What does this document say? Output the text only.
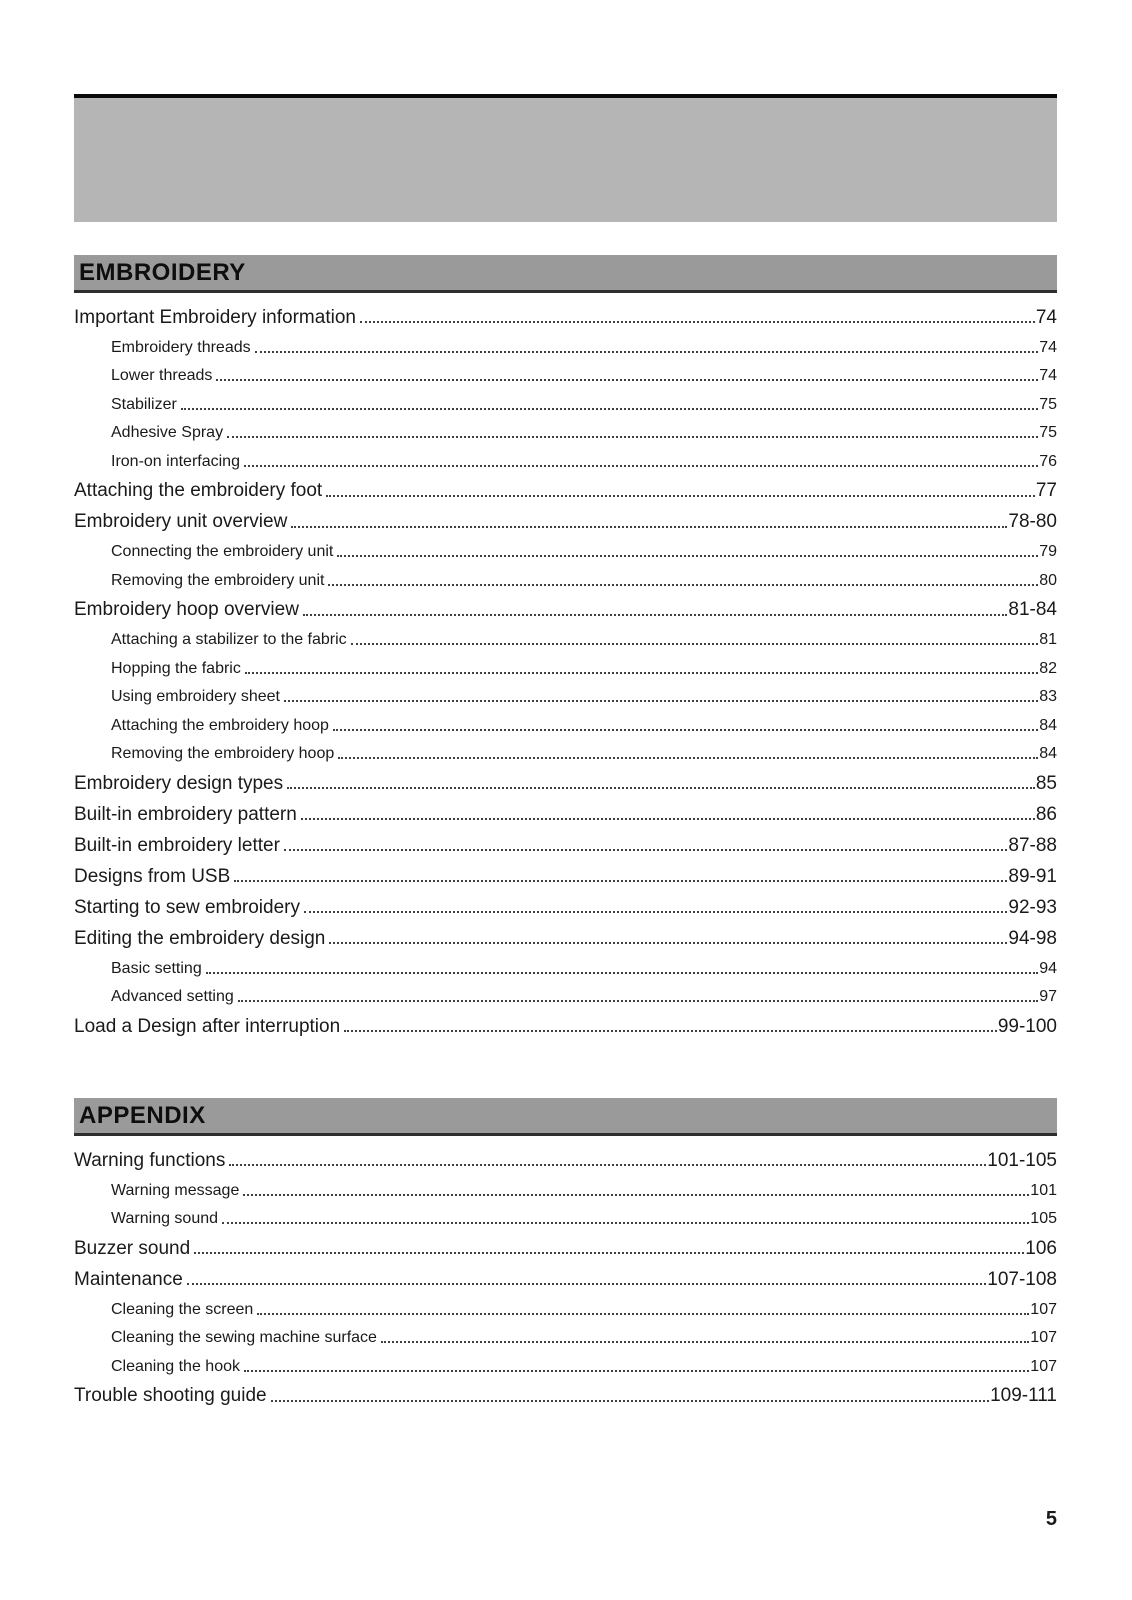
EMBROIDERY
Important Embroidery information	74
Embroidery threads	74
Lower threads	74
Stabilizer	75
Adhesive Spray	75
Iron-on interfacing	76
Attaching the embroidery foot	77
Embroidery unit overview	78-80
Connecting the embroidery unit	79
Removing the embroidery unit	80
Embroidery hoop overview	81-84
Attaching a stabilizer to the fabric	81
Hopping the fabric	82
Using embroidery sheet	83
Attaching the embroidery hoop	84
Removing the embroidery hoop	84
Embroidery design types	85
Built-in embroidery pattern	86
Built-in embroidery letter	87-88
Designs from USB	89-91
Starting to sew embroidery	92-93
Editing the embroidery design	94-98
Basic setting	94
Advanced setting	97
Load a Design after interruption	99-100
APPENDIX
Warning functions	101-105
Warning message	101
Warning sound	105
Buzzer sound	106
Maintenance	107-108
Cleaning the screen	107
Cleaning the sewing machine surface	107
Cleaning the hook	107
Trouble shooting guide	109-111
5
